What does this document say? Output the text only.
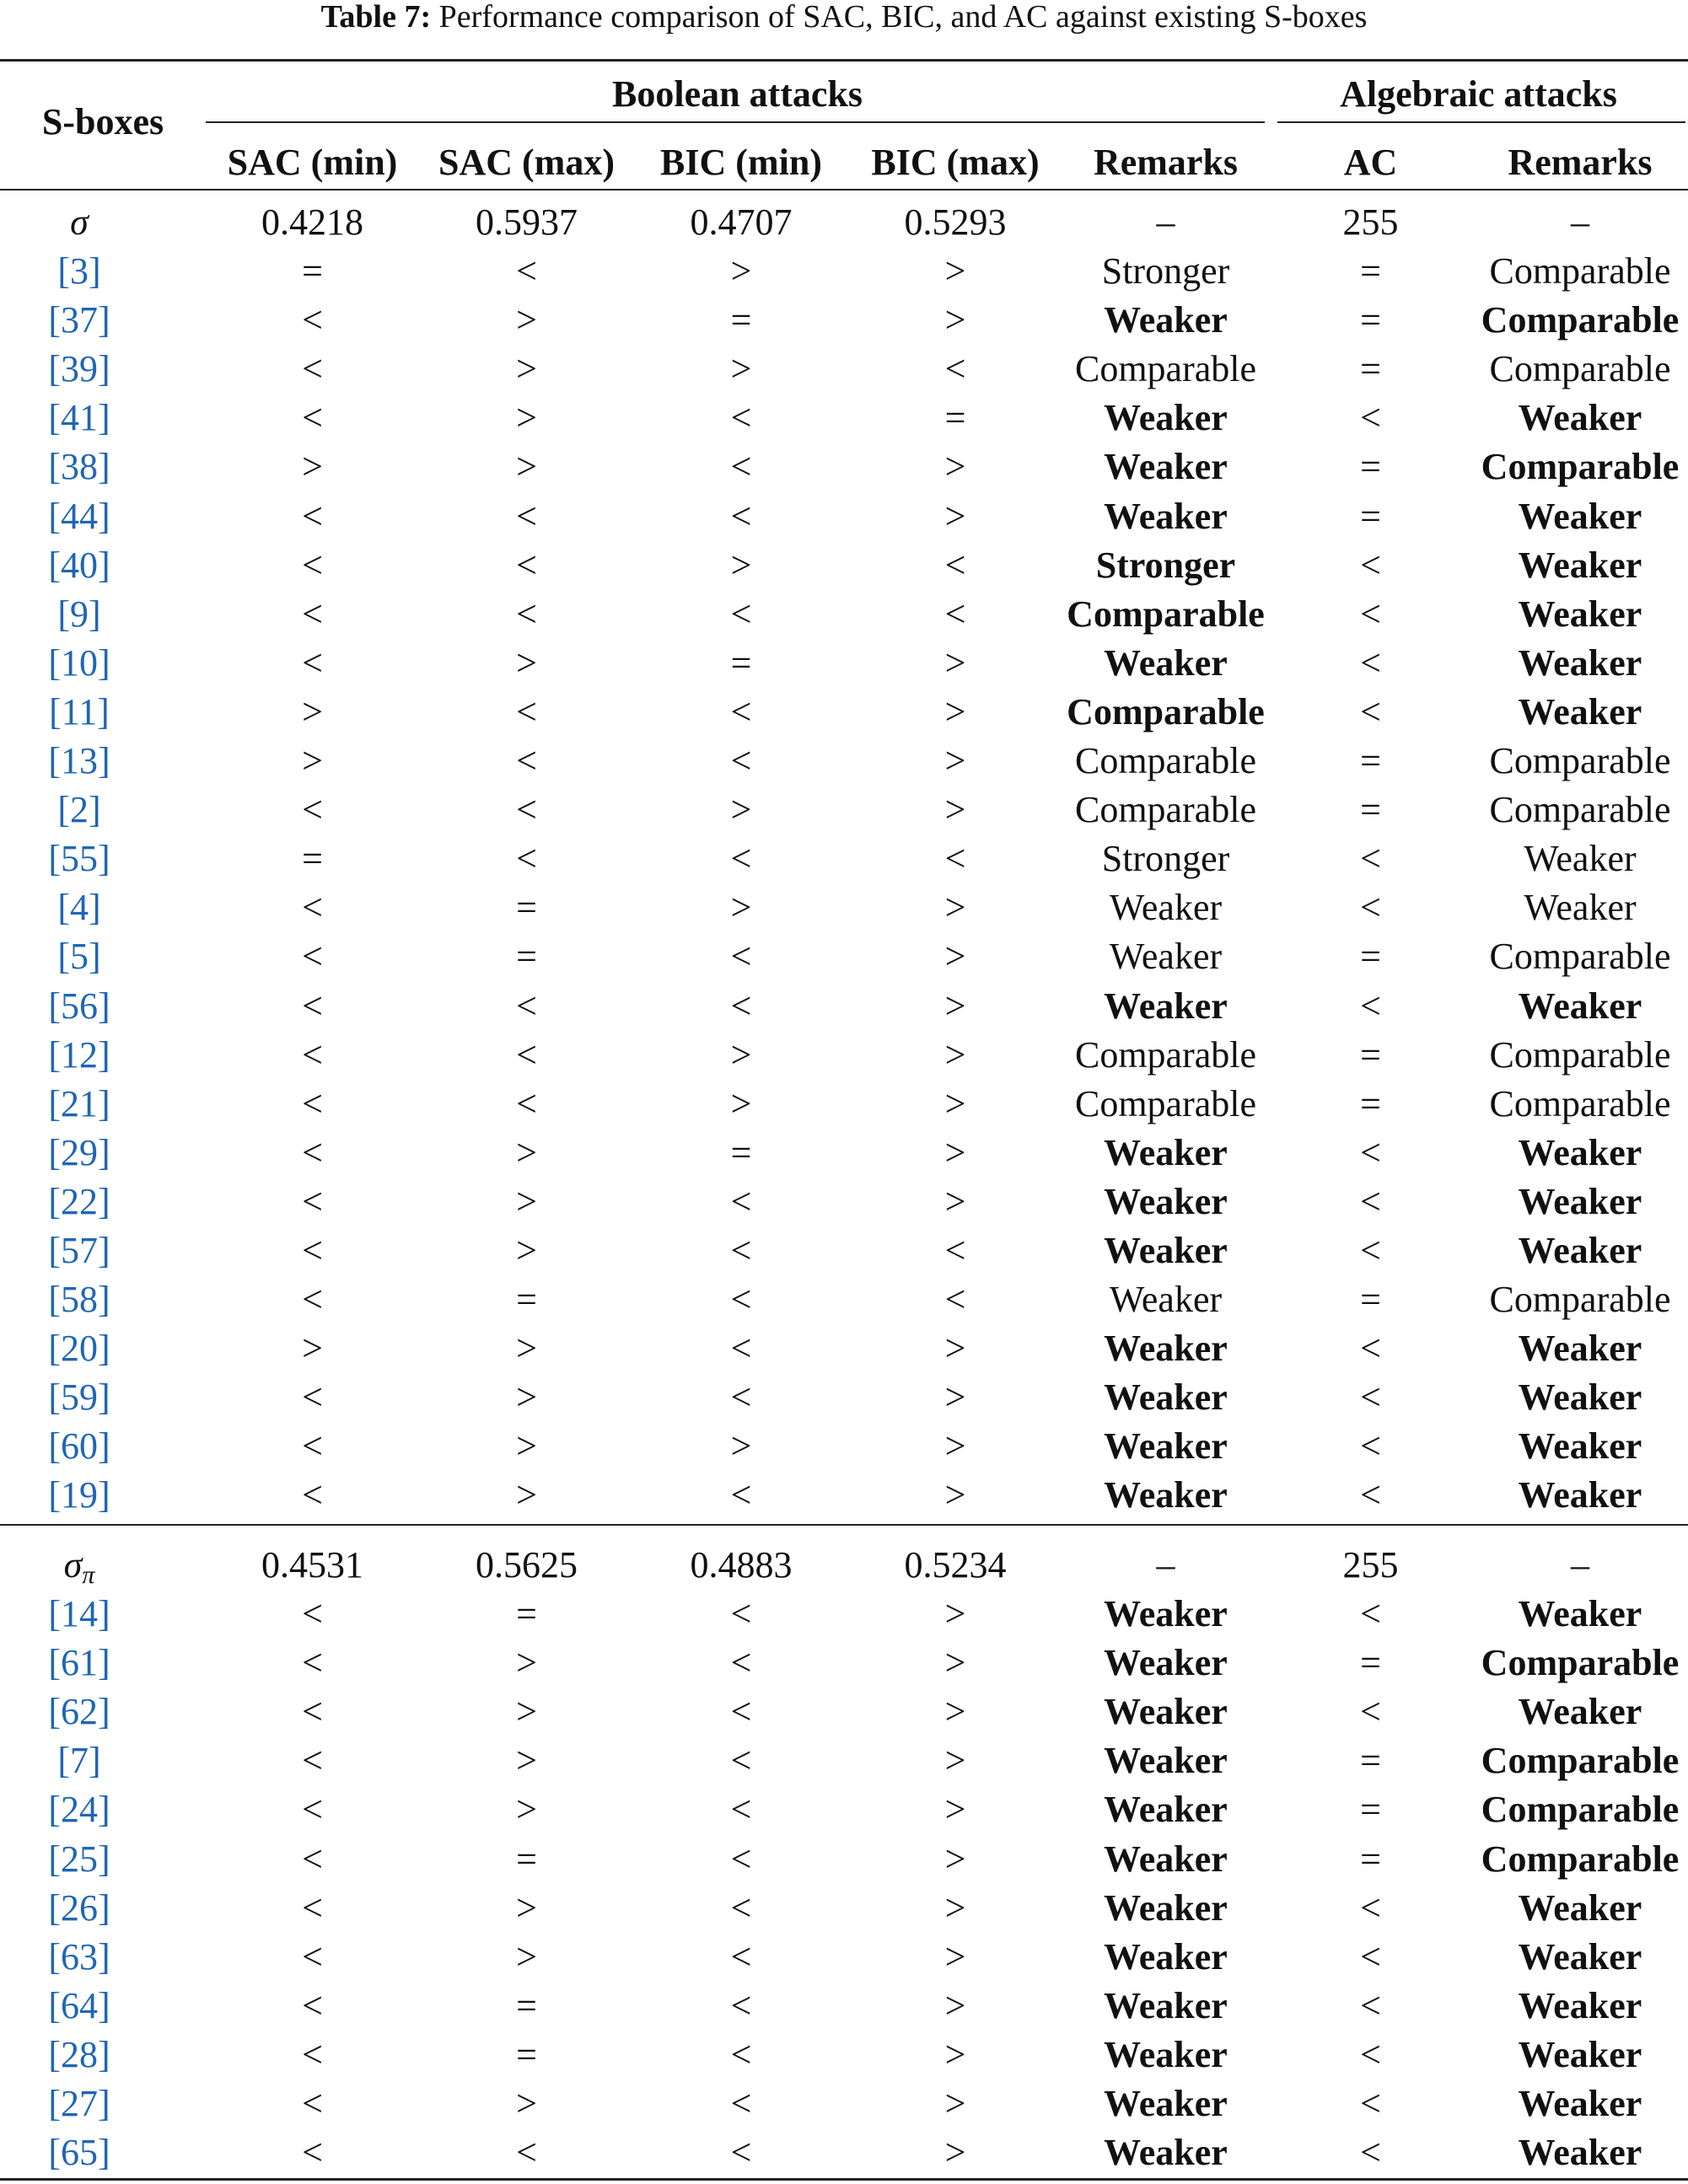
Table 7: Performance comparison of SAC, BIC, and AC against existing S-boxes
S-boxes
Boolean attacks	Algebraic attacks
SAC (min)	SAC (max)	BIC (min)	BIC (max)	Remarks	AC	Remarks
σ	0.4218	0.5937	0.4707	0.5293	–	255	–
[3]	=	<	>	>	Stronger	=	Comparable
[37]	<	>	=	>	Weaker	=	Comparable
[39]	<	>	>	<	Comparable	=	Comparable
[41]	<	>	<	=	Weaker	<	Weaker
[38]	>	>	<	>	Weaker	=	Comparable
[44]	<	<	<	>	Weaker	=	Weaker
[40]	<	<	>	<	Stronger	<	Weaker
[9]	<	<	<	<	Comparable	<	Weaker
[10]	<	>	=	>	Weaker	<	Weaker
[11]	>	<	<	>	Comparable	<	Weaker
[13]	>	<	<	>	Comparable	=	Comparable
[2]	<	<	>	>	Comparable	=	Comparable
[55]	=	<	<	<	Stronger	<	Weaker
[4]	<	=	>	>	Weaker	<	Weaker
[5]	<	=	<	>	Weaker	=	Comparable
[56]	<	<	<	>	Weaker	<	Weaker
[12]	<	<	>	>	Comparable	=	Comparable
[21]	<	<	>	>	Comparable	=	Comparable
[29]	<	>	=	>	Weaker	<	Weaker
[22]	<	>	<	>	Weaker	<	Weaker
[57]	<	>	<	<	Weaker	<	Weaker
[58]	<	=	<	<	Weaker	=	Comparable
[20]	>	>	<	>	Weaker	<	Weaker
[59]	<	>	<	>	Weaker	<	Weaker
[60]	<	>	>	>	Weaker	<	Weaker
[19]	<	>	<	>	Weaker	<	Weaker
$\sigma_\pi$	0.4531	0.5625	0.4883	0.5234	–	255	–
[14]	<	=	<	>	Weaker	<	Weaker
[61]	<	>	<	>	Weaker	=	Comparable
[62]	<	>	<	>	Weaker	<	Weaker
[7]	<	>	<	>	Weaker	=	Comparable
[24]	<	>	<	>	Weaker	=	Comparable
[25]	<	=	<	>	Weaker	=	Comparable
[26]	<	>	<	>	Weaker	<	Weaker
[63]	<	>	<	>	Weaker	<	Weaker
[64]	<	=	<	>	Weaker	<	Weaker
[28]	<	=	<	>	Weaker	<	Weaker
[27]	<	>	<	>	Weaker	<	Weaker
[65]	<	<	<	>	Weaker	<	Weaker
